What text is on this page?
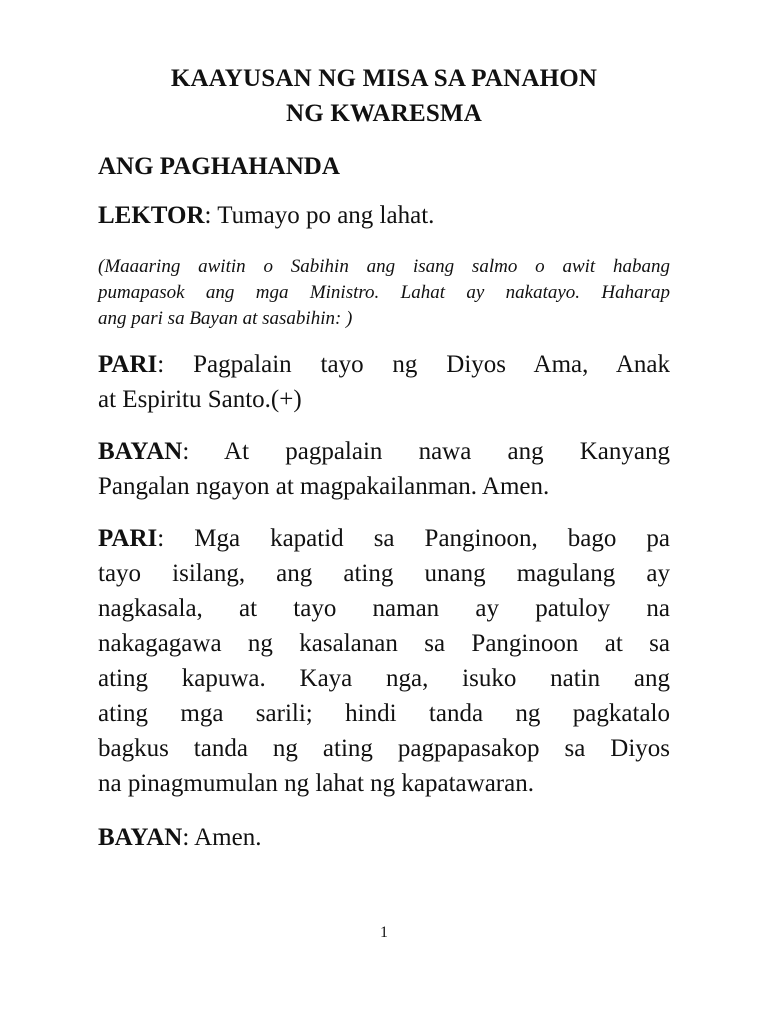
KAAYUSAN NG MISA SA PANAHON
NG KWARESMA
ANG PAGHAHANDA
LEKTOR: Tumayo po ang lahat.
(Maaaring awitin o Sabihin ang isang salmo o awit habang
pumapasok ang mga Ministro. Lahat ay nakatayo. Haharap
ang pari sa Bayan at sasabihin: )
PARI: Pagpalain tayo ng Diyos Ama, Anak
at Espiritu Santo.(+)
BAYAN: At pagpalain nawa ang Kanyang
Pangalan ngayon at magpakailanman. Amen.
PARI: Mga kapatid sa Panginoon, bago pa
tayo isilang, ang ating unang magulang ay
nagkasala, at tayo naman ay patuloy na
nakagagawa ng kasalanan sa Panginoon at sa
ating kapuwa. Kaya nga, isuko natin ang
ating mga sarili; hindi tanda ng pagkatalo
bagkus tanda ng ating pagpapasakop sa Diyos
na pinagmumulan ng lahat ng kapatawaran.
BAYAN: Amen.
1
